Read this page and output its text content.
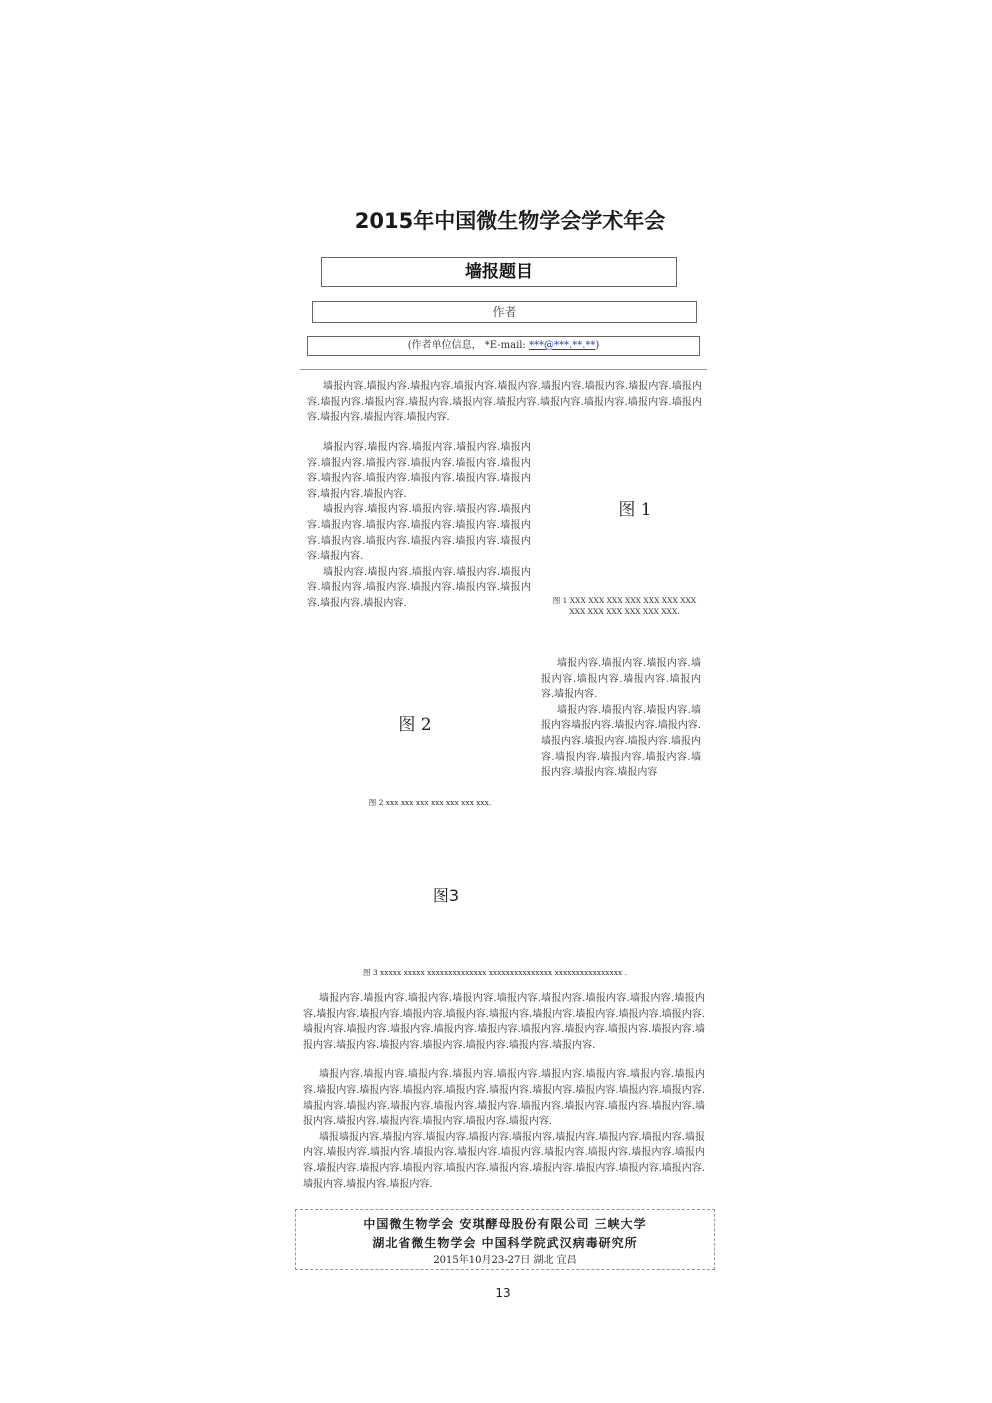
2015年中国微生物学会学术年会
墙报题目
作者
(作者单位信息， *E-mail: ***@***.**.**)

墙报内容.墙报内容.墙报内容.墙报内容.墙报内容.墙报内容.墙报内容.墙报内容.墙报内容.墙报内容.墙报内容.墙报内容.墙报内容.墙报内容.墙报内容.墙报内容.墙报内容.墙报内容.墙报内容.墙报内容.墙报内容.

墙报内容.墙报内容.墙报内容.墙报内容.墙报内容.墙报内容.墙报内容.墙报内容.墙报内容.墙报内容.墙报内容.墙报内容.墙报内容.墙报内容.墙报内容.墙报内容.墙报内容.

墙报内容.墙报内容.墙报内容.墙报内容.墙报内容.墙报内容.墙报内容.墙报内容.墙报内容.墙报内容.墙报内容.墙报内容.墙报内容.墙报内容.墙报内容.墙报内容.

墙报内容.墙报内容.墙报内容.墙报内容.墙报内容.墙报内容.墙报内容.墙报内容.墙报内容.墙报内容.墙报内容.墙报内容.

图 1
图 1 XXX XXX XXX XXX XXX XXX XXX XXX XXX XXX XXX XXX XXX.
图 2
图 2 xxx xxx xxx xxx xxx xxx xxx.

墙报内容.墙报内容.墙报内容.墙报内容.墙报内容.墙报内容.墙报内容.墙报内容.

墙报内容.墙报内容.墙报内容.墙报内容墙报内容.墙报内容.墙报内容.墙报内容.墙报内容.墙报内容.墙报内容.墙报内容.墙报内容.墙报内容.墙报内容.墙报内容.墙报内容

图3
图 3 xxxxx xxxxx xxxxxxxxxxxxxx xxxxxxxxxxxxxxx xxxxxxxxxxxxxxxx .

墙报内容.墙报内容.墙报内容.墙报内容.墙报内容.墙报内容.墙报内容.墙报内容.墙报内容.墙报内容.墙报内容.墙报内容.墙报内容.墙报内容.墙报内容.墙报内容.墙报内容.墙报内容.墙报内容.墙报内容.墙报内容.墙报内容.墙报内容.墙报内容.墙报内容.墙报内容.墙报内容.墙报内容.墙报内容.墙报内容.墙报内容.墙报内容.墙报内容.墙报内容.

墙报内容.墙报内容.墙报内容.墙报内容.墙报内容.墙报内容.墙报内容.墙报内容.墙报内容.墙报内容.墙报内容.墙报内容.墙报内容.墙报内容.墙报内容.墙报内容.墙报内容.墙报内容.墙报内容.墙报内容.墙报内容.墙报内容.墙报内容.墙报内容.墙报内容.墙报内容.墙报内容.墙报内容.墙报内容.墙报内容.墙报内容.墙报内容.墙报内容.

墙报墙报内容.墙报内容.墙报内容.墙报内容.墙报内容.墙报内容.墙报内容.墙报内容.墙报内容.墙报内容.墙报内容.墙报内容.墙报内容.墙报内容.墙报内容.墙报内容.墙报内容.墙报内容.墙报内容.墙报内容.墙报内容.墙报内容.墙报内容.墙报内容.墙报内容.墙报内容.墙报内容.墙报内容.墙报内容.墙报内容.

中国微生物学会 安琪酵母股份有限公司 三峡大学
湖北省微生物学会 中国科学院武汉病毒研究所
2015年10月23-27日 湖北 宜昌
13
